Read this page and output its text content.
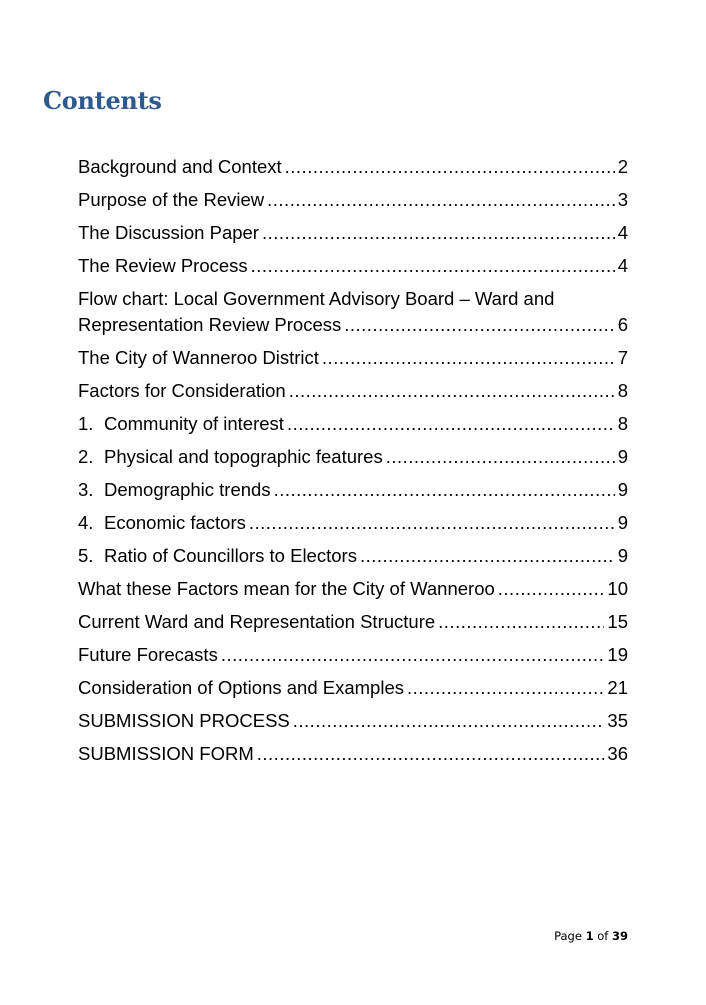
Contents
Background and Context .....	2
Purpose of the Review .....	3
The Discussion Paper .....	4
The Review Process .....	4
Flow chart: Local Government Advisory Board – Ward and
Representation Review Process .....	6
The City of Wanneroo District .....	7
Factors for Consideration .....	8
1. Community of interest .....	8
2. Physical and topographic features .....	9
3. Demographic trends .....	9
4. Economic factors .....	9
5. Ratio of Councillors to Electors .....	9
What these Factors mean for the City of Wanneroo .....	10
Current Ward and Representation Structure .....	15
Future Forecasts .....	19
Consideration of Options and Examples .....	21
SUBMISSION PROCESS .....	35
SUBMISSION FORM .....	36
Page 1 of 39
